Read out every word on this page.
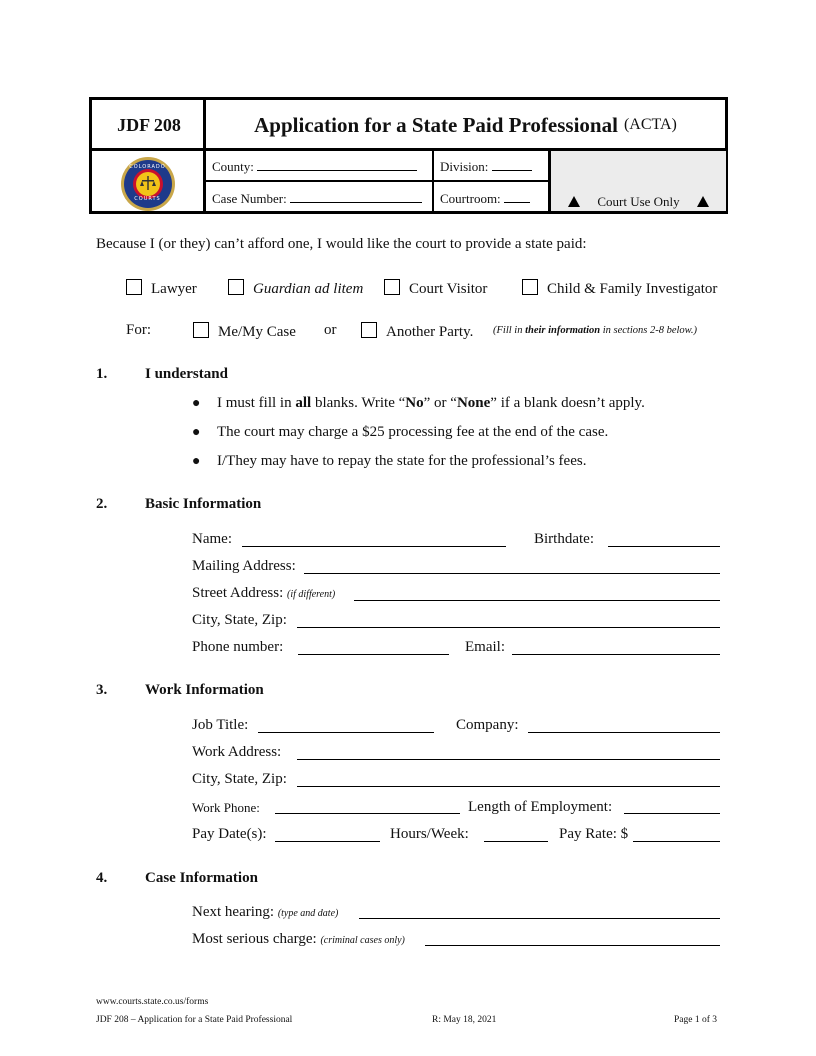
JDF 208	Application for a State Paid Professional (ACTA)
COLORADO
COURTS
County:	Division:
Case Number:	Courtroom:	Court Use Only
Because I (or they) can’t afford one, I would like the court to provide a state paid:
Lawyer	Guardian ad litem	Court Visitor	Child & Family Investigator
For:	Me/My Case or	Another Party. (Fill in their information in sections 2-8 below.)
1.	I understand
● I must fill in all blanks. Write “No” or “None” if a blank doesn’t apply.
● The court may charge a $25 processing fee at the end of the case.
● I/They may have to repay the state for the professional’s fees.
2.	Basic Information
Name:	Birthdate:
Mailing Address:
Street Address: (if different)
City, State, Zip:
Phone number:	Email:
3.	Work Information
Job Title:	Company:
Work Address:
City, State, Zip:
Work Phone:	Length of Employment:
Pay Date(s):	Hours/Week:	Pay Rate: $
4.	Case Information
Next hearing: (type and date)
Most serious charge: (criminal cases only)
www.courts.state.co.us/forms
JDF 208 – Application for a State Paid Professional	R: May 18, 2021	Page 1 of 3
